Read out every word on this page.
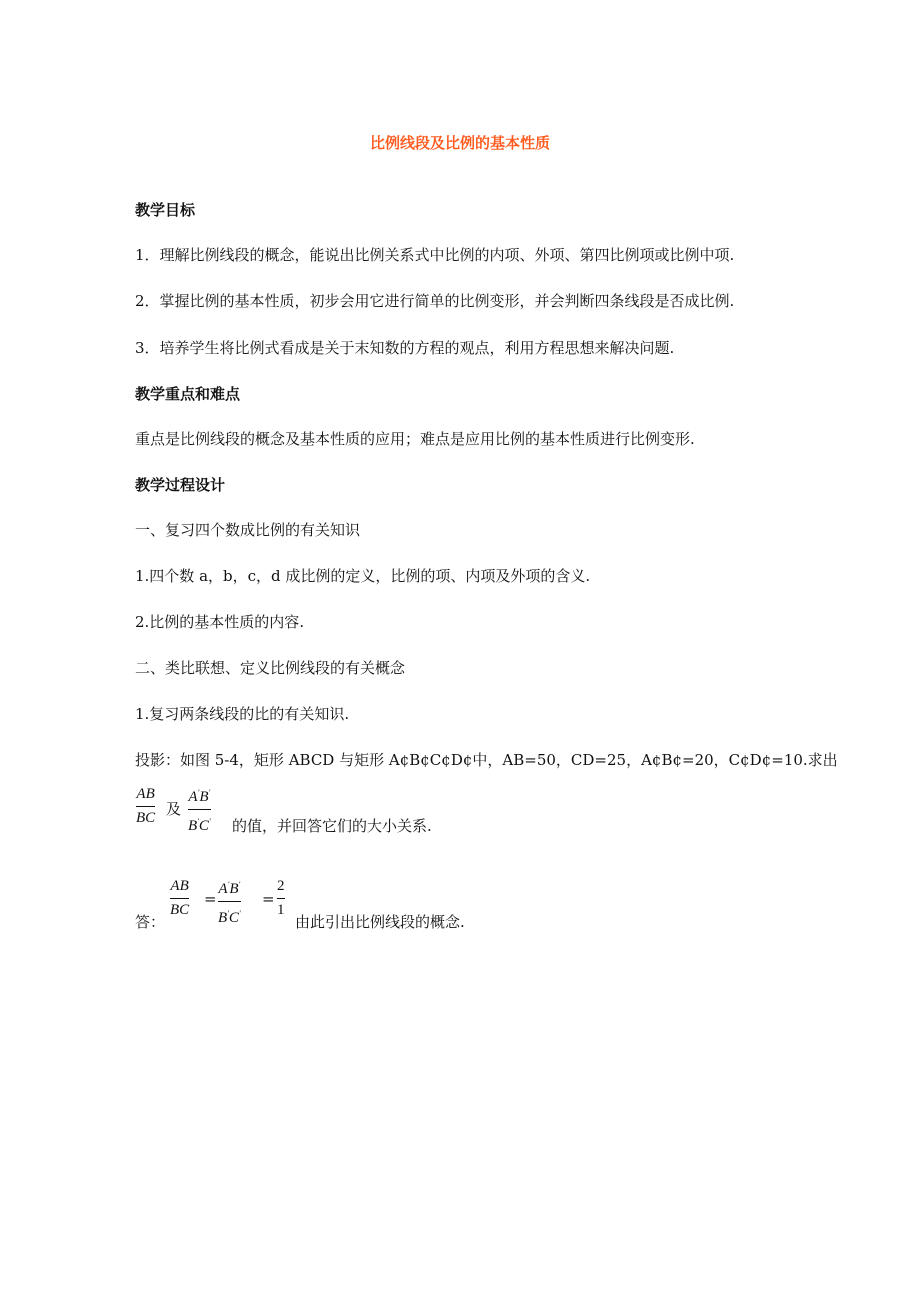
比例线段及比例的基本性质
教学目标
1．理解比例线段的概念，能说出比例关系式中比例的内项、外项、第四比例项或比例中项.
2．掌握比例的基本性质，初步会用它进行简单的比例变形，并会判断四条线段是否成比例.
3．培养学生将比例式看成是关于末知数的方程的观点，利用方程思想来解决问题.
教学重点和难点
重点是比例线段的概念及基本性质的应用；难点是应用比例的基本性质进行比例变形.
教学过程设计
一、复习四个数成比例的有关知识
1.四个数 a，b，c，d 成比例的定义，比例的项、内项及外项的含义.
2.比例的基本性质的内容.
二、类比联想、定义比例线段的有关概念
1.复习两条线段的比的有关知识.
投影：如图 5-4，矩形 ABCD 与矩形 A¢B¢C¢D¢中，AB=50，CD=25，A¢B¢=20，C¢D¢=10.求出
AB
BC 及
A'B'
B'C' 的值，并回答它们的大小关系.
答：
AB
BC
=
A'B'
B'C'
=
2
1
由此引出比例线段的概念.
